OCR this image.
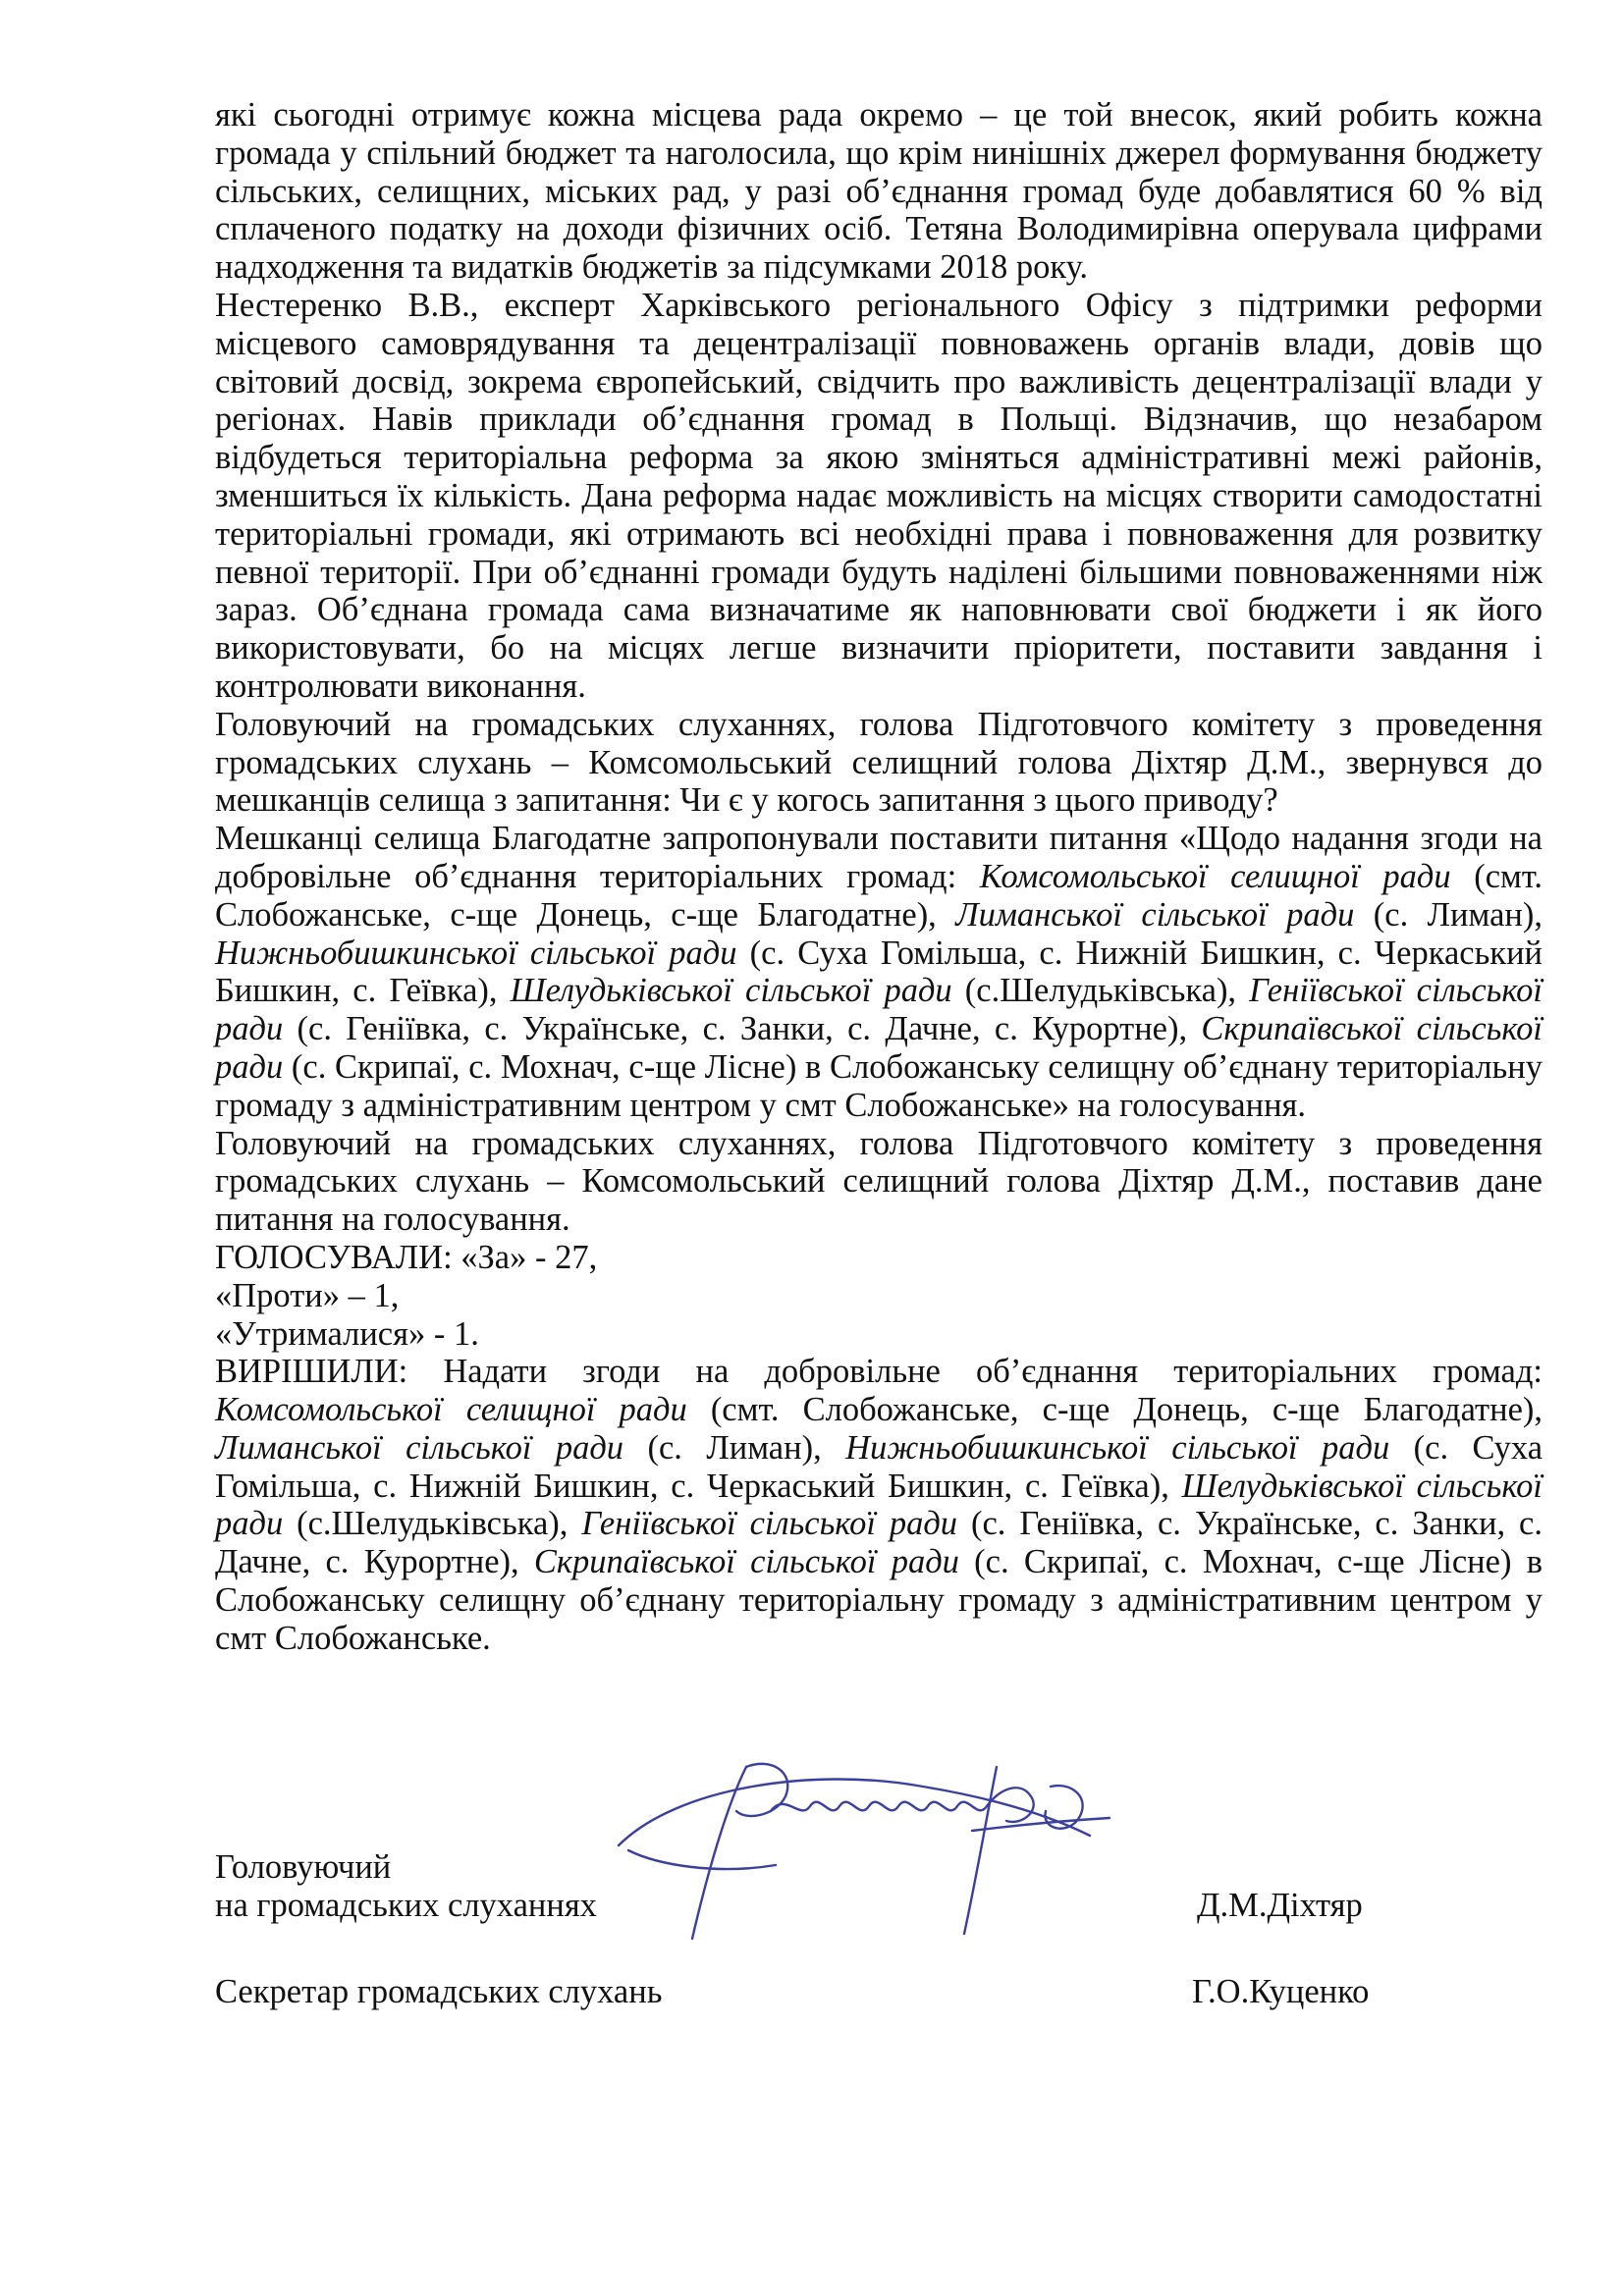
які сьогодні отримує кожна місцева рада окремо – це той внесок, який робить кожна громада у спільний бюджет та наголосила, що крім нинішніх джерел формування бюджету сільських, селищних, міських рад, у разі об’єднання громад буде добавлятися 60 % від сплаченого податку на доходи фізичних осіб. Тетяна Володимирівна оперувала цифрами надходження та видатків бюджетів за підсумками 2018 року.

Нестеренко В.В., експерт Харківського регіонального Офісу з підтримки реформи місцевого самоврядування та децентралізації повноважень органів влади, довів що світовий досвід, зокрема європейський, свідчить про важливість децентралізації влади у регіонах. Навів приклади об’єднання громад в Польщі. Відзначив, що незабаром відбудеться територіальна реформа за якою зміняться адміністративні межі районів, зменшиться їх кількість. Дана реформа надає можливість на місцях створити самодостатні територіальні громади, які отримають всі необхідні права і повноваження для розвитку певної території. При об’єднанні громади будуть наділені більшими повноваженнями ніж зараз. Об’єднана громада сама визначатиме як наповнювати свої бюджети і як його використовувати, бо на місцях легше визначити пріоритети, поставити завдання і контролювати виконання.

Головуючий на громадських слуханнях, голова Підготовчого комітету з проведення громадських слухань – Комсомольський селищний голова Діхтяр Д.М., звернувся до мешканців селища з запитання: Чи є у когось запитання з цього приводу?

Мешканці селища Благодатне запропонували поставити питання «Щодо надання згоди на добровільне об’єднання територіальних громад: Комсомольської селищної ради (смт. Слобожанське, с-ще Донець, с-ще Благодатне), Лиманської сільської ради (с. Лиман), Нижньобишкинської сільської ради (с. Суха Гомільша, с. Нижній Бишкин, с. Черкаський Бишкин, с. Геївка), Шелудьківської сільської ради (с.Шелудьківська), Геніївської сільської ради (с. Геніївка, с. Українське, с. Занки, с. Дачне, с. Курортне), Скрипаївської сільської ради (с. Скрипаї, с. Мохнач, с-ще Лісне) в Слобожанську селищну об’єднану територіальну громаду з адміністративним центром у смт Слобожанське» на голосування.

Головуючий на громадських слуханнях, голова Підготовчого комітету з проведення громадських слухань – Комсомольський селищний голова Діхтяр Д.М., поставив дане питання на голосування.

ГОЛОСУВАЛИ: «За» - 27,

«Проти» – 1,

«Утрималися» - 1.

ВИРІШИЛИ: Надати згоди на добровільне об’єднання територіальних громад: Комсомольської селищної ради (смт. Слобожанське, с-ще Донець, с-ще Благодатне), Лиманської сільської ради (с. Лиман), Нижньобишкинської сільської ради (с. Суха Гомільша, с. Нижній Бишкин, с. Черкаський Бишкин, с. Геївка), Шелудьківської сільської ради (с.Шелудьківська), Геніївської сільської ради (с. Геніївка, с. Українське, с. Занки, с. Дачне, с. Курортне), Скрипаївської сільської ради (с. Скрипаї, с. Мохнач, с-ще Лісне) в Слобожанську селищну об’єднану територіальну громаду з адміністративним центром у смт Слобожанське.

Головуючий
на громадських слуханнях	Д.М.Діхтяр
Секретар громадських слухань	Г.О.Куценко
